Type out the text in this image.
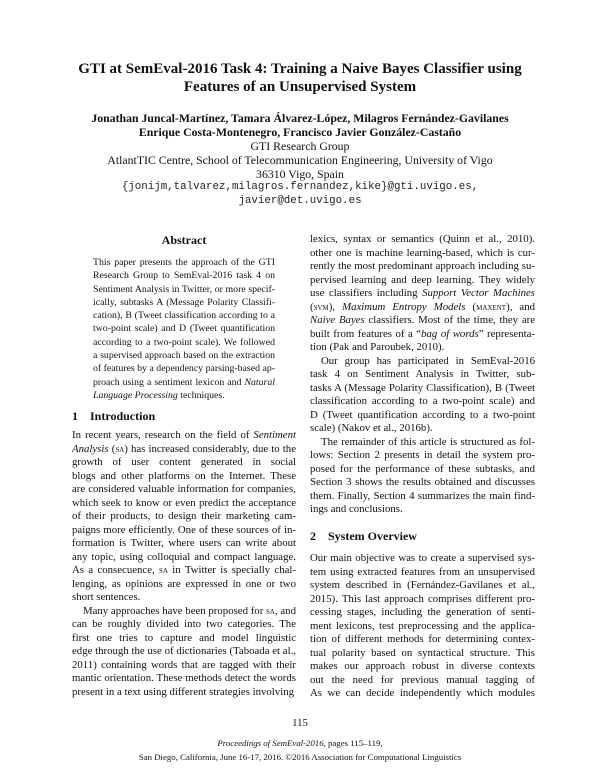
GTI at SemEval-2016 Task 4: Training a Naive Bayes Classifier using
Features of an Unsupervised System
Jonathan Juncal-Martínez, Tamara Álvarez-López, Milagros Fernández-Gavilanes
Enrique Costa-Montenegro, Francisco Javier González-Castaño
GTI Research Group
AtlantTIC Centre, School of Telecommunication Engineering, University of Vigo
36310 Vigo, Spain
{jonijm,talvarez,milagros.fernandez,kike}@gti.uvigo.es,
javier@det.uvigo.es
Abstract
This paper presents the approach of the GTI
Research Group to SemEval-2016 task 4 on
Sentiment Analysis in Twitter, or more specif-
ically, subtasks A (Message Polarity Classifi-
cation), B (Tweet classification according to a
two-point scale) and D (Tweet quantification
according to a two-point scale). We followed
a supervised approach based on the extraction
of features by a dependency parsing-based ap-
proach using a sentiment lexicon and Natural
Language Processing techniques.
1 Introduction
In recent years, research on the field of Sentiment
Analysis (sa) has increased considerably, due to the
growth of user content generated in social
blogs and other platforms on the Internet. These
are considered valuable information for companies,
which seek to know or even predict the acceptance
of their products, to design their marketing cam-
paigns more efficiently. One of these sources of in-
formation is Twitter, where users can write about
any topic, using colloquial and compact language.
As a consecuence, sa in Twitter is specially chal-
lenging, as opinions are expressed in one or two
short sentences.
Many approaches have been proposed for sa, and
can be roughly divided into two categories. The
first one tries to capture and model linguistic
edge through the use of dictionaries (Taboada et al.,
2011) containing words that are tagged with their
mantic orientation. These methods detect the words
present in a text using different strategies involving
lexics, syntax or semantics (Quinn et al., 2010).
other one is machine learning-based, which is cur-
rently the most predominant approach including su-
pervised learning and deep learning. They widely
use classifiers including Support Vector Machines
(svm), Maximum Entropy Models (maxent), and
Naive Bayes classifiers. Most of the time, they are
built from features of a “bag of words” representa-
tion (Pak and Paroubek, 2010).
Our group has participated in SemEval-2016
task 4 on Sentiment Analysis in Twitter, sub-
tasks A (Message Polarity Classification), B (Tweet
classification according to a two-point scale) and
D (Tweet quantification according to a two-point
scale) (Nakov et al., 2016b).
The remainder of this article is structured as fol-
lows: Section 2 presents in detail the system pro-
posed for the performance of these subtasks, and
Section 3 shows the results obtained and discusses
them. Finally, Section 4 summarizes the main find-
ings and conclusions.
2 System Overview
Our main objective was to create a supervised sys-
tem using extracted features from an unsupervised
system described in (Fernández-Gavilanes et al.,
2015). This last approach comprises different pro-
cessing stages, including the generation of senti-
ment lexicons, test preprocessing and the applica-
tion of different methods for determining contex-
tual polarity based on syntactical structure. This
makes our approach robust in diverse contexts
out the need for previous manual tagging of
As we can decide independently which modules
115
Proceedings of SemEval-2016, pages 115–119,
San Diego, California, June 16-17, 2016. ©2016 Association for Computational Linguistics
